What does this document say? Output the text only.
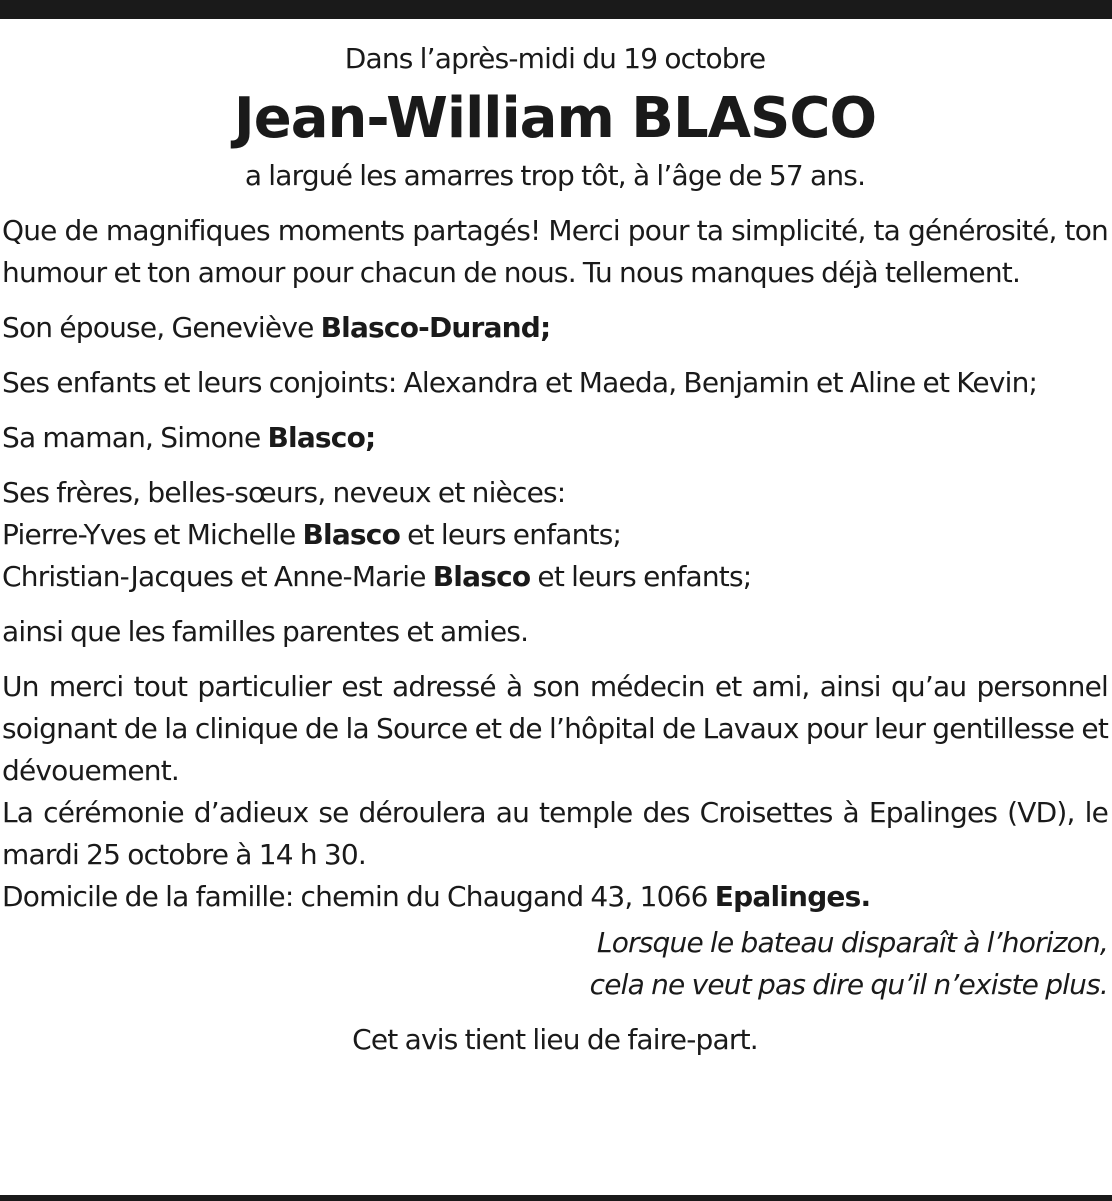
Dans l’après-midi du 19 octobre

Jean-William BLASCO

a largué les amarres trop tôt, à l’âge de 57 ans.

Que de magnifiques moments partagés! Merci pour ta simplicité, ta générosité, ton humour et ton amour pour chacun de nous. Tu nous manques déjà tellement.

Son épouse, Geneviève Blasco-Durand;

Ses enfants et leurs conjoints: Alexandra et Maeda, Benjamin et Aline et Kevin;

Sa maman, Simone Blasco;

Ses frères, belles-sœurs, neveux et nièces:

Pierre-Yves et Michelle Blasco et leurs enfants;

Christian-Jacques et Anne-Marie Blasco et leurs enfants;

ainsi que les familles parentes et amies.

Un merci tout particulier est adressé à son médecin et ami, ainsi qu’au personnel soignant de la clinique de la Source et de l’hôpital de Lavaux pour leur gentillesse et dévouement.

La cérémonie d’adieux se déroulera au temple des Croisettes à Epalinges (VD), le mardi 25 octobre à 14 h 30.

Domicile de la famille: chemin du Chaugand 43, 1066 Epalinges.

Lorsque le bateau disparaît à l’horizon,

cela ne veut pas dire qu’il n’existe plus.

Cet avis tient lieu de faire-part.
